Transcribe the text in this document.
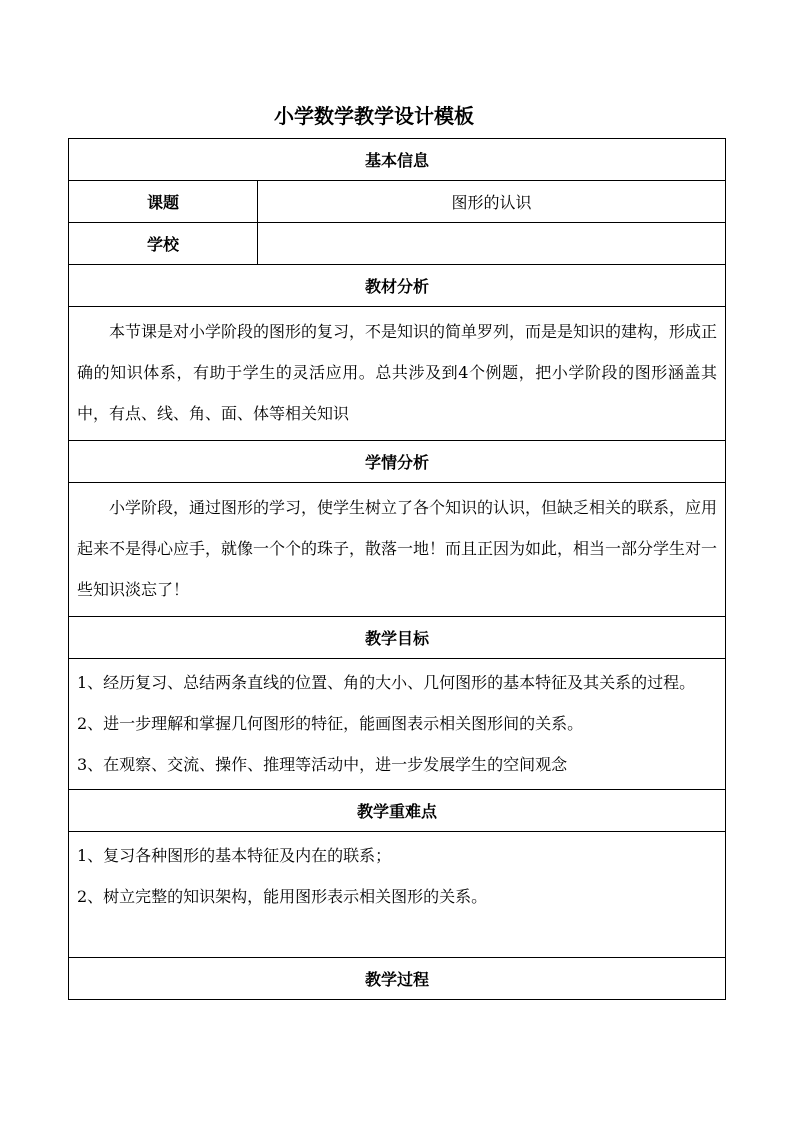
小学数学教学设计模板
基本信息	
课题	图形的认识
学校	
教材分析	
本节课是对小学阶段的图形的复习，不是知识的简单罗列，而是是知识的建构，形成正确的知识体系，有助于学生的灵活应用。总共涉及到4个例题，把小学阶段的图形涵盖其中，有点、线、角、面、体等相关知识	
学情分析	
小学阶段，通过图形的学习，使学生树立了各个知识的认识，但缺乏相关的联系，应用起来不是得心应手，就像一个个的珠子，散落一地！而且正因为如此，相当一部分学生对一些知识淡忘了！	
教学目标	

1、经历复习、总结两条直线的位置、角的大小、几何图形的基本特征及其关系的过程。
2、进一步理解和掌握几何图形的特征，能画图表示相关图形间的关系。
3、在观察、交流、操作、推理等活动中，进一步发展学生的空间观念	

教学重难点	

1、复习各种图形的基本特征及内在的联系；
2、树立完整的知识架构，能用图形表示相关图形的关系。	

教学过程	
